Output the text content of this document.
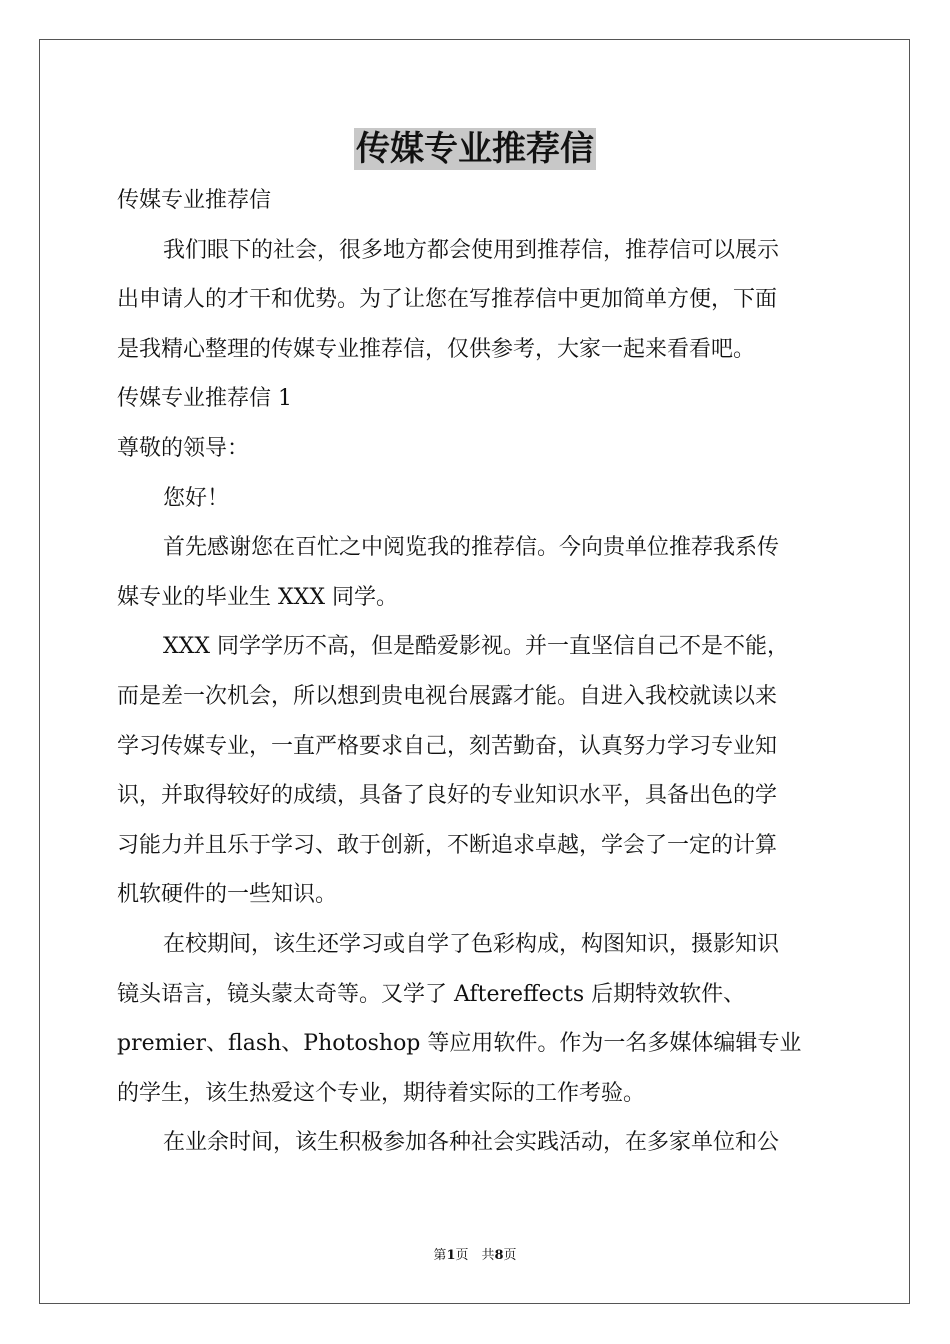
传媒专业推荐信
传媒专业推荐信
我们眼下的社会，很多地方都会使用到推荐信，推荐信可以展示
出申请人的才干和优势。为了让您在写推荐信中更加简单方便，下面
是我精心整理的传媒专业推荐信，仅供参考，大家一起来看看吧。
传媒专业推荐信 1
尊敬的领导：
您好！
首先感谢您在百忙之中阅览我的推荐信。今向贵单位推荐我系传
媒专业的毕业生 XXX 同学。
XXX 同学学历不高，但是酷爱影视。并一直坚信自己不是不能，
而是差一次机会，所以想到贵电视台展露才能。自进入我校就读以来
学习传媒专业，一直严格要求自己，刻苦勤奋，认真努力学习专业知
识，并取得较好的成绩，具备了良好的专业知识水平，具备出色的学
习能力并且乐于学习、敢于创新，不断追求卓越，学会了一定的计算
机软硬件的一些知识。
在校期间，该生还学习或自学了色彩构成，构图知识，摄影知识
镜头语言，镜头蒙太奇等。又学了 Aftereffects 后期特效软件、
premier、flash、Photoshop 等应用软件。作为一名多媒体编辑专业
的学生，该生热爱这个专业，期待着实际的工作考验。
在业余时间，该生积极参加各种社会实践活动，在多家单位和公
第1页　共8页
